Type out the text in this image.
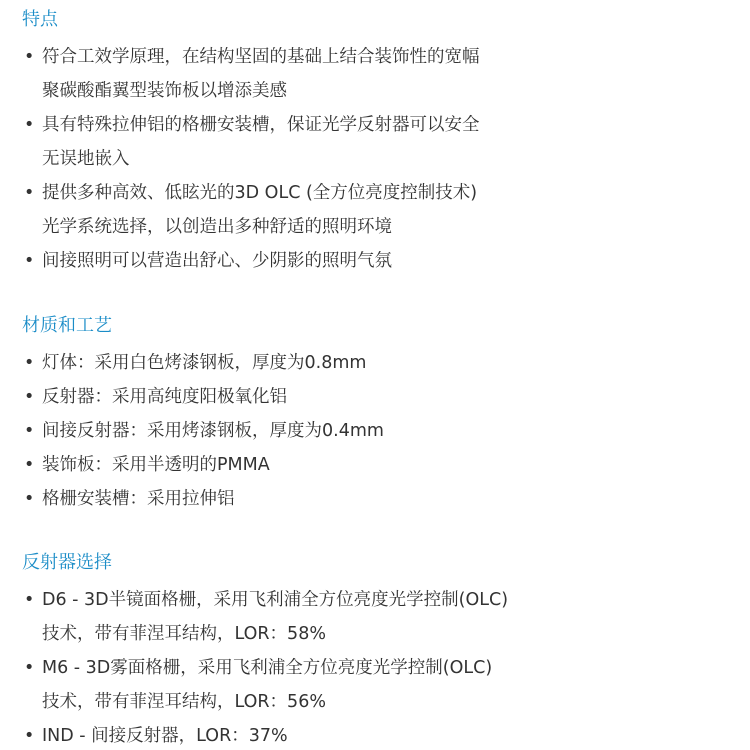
特点
• 符合工效学原理，在结构坚固的基础上结合装饰性的宽幅
聚碳酸酯翼型装饰板以增添美感
• 具有特殊拉伸铝的格栅安装槽，保证光学反射器可以安全
无误地嵌入
• 提供多种高效、低眩光的3D OLC (全方位亮度控制技术)
光学系统选择，以创造出多种舒适的照明环境
• 间接照明可以营造出舒心、少阴影的照明气氛
材质和工艺
• 灯体：采用白色烤漆钢板，厚度为0.8mm
• 反射器：采用高纯度阳极氧化铝
• 间接反射器：采用烤漆钢板，厚度为0.4mm
• 装饰板：采用半透明的PMMA
• 格栅安装槽：采用拉伸铝
反射器选择
• D6 - 3D半镜面格栅，采用飞利浦全方位亮度光学控制(OLC)
技术，带有菲涅耳结构，LOR：58%
• M6 - 3D雾面格栅，采用飞利浦全方位亮度光学控制(OLC)
技术，带有菲涅耳结构，LOR：56%
• IND - 间接反射器，LOR：37%
